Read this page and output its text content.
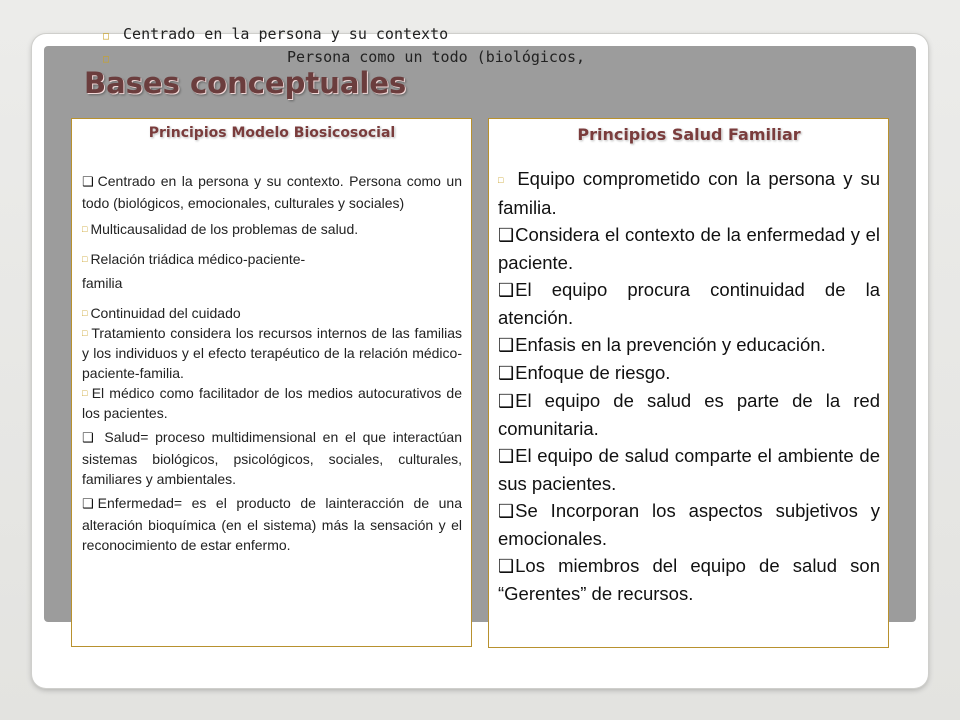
□ Centrado en la persona y su contexto
□	Persona como un todo (biológicos,
Bases conceptuales
Principios Modelo Biosicosocial

❑ Centrado en la persona y su contexto. Persona como un todo (biológicos, emocionales, culturales y sociales)

□ Multicausalidad de los problemas de salud.

□ Relación triádica médico-paciente-

familia

□ Continuidad del cuidado

□ Tratamiento considera los recursos internos de las familias y los individuos y el efecto terapéutico de la relación médico-paciente-familia.

□ El médico como facilitador de los medios autocurativos de los pacientes.

❑ Salud= proceso multidimensional en el que interactúan sistemas biológicos, psicológicos, sociales, culturales, familiares y ambientales.

❑ Enfermedad= es el producto de lainteracción de una alteración bioquímica (en el sistema) más la sensación y el reconocimiento de estar enfermo.

Principios Salud Familiar

□ Equipo comprometido con la persona y su familia.

❑Considera el contexto de la enfermedad y el paciente.

❑El equipo procura continuidad de la atención.

❑Enfasis en la prevención y educación.

❑Enfoque de riesgo.

❑El equipo de salud es parte de la red comunitaria.

❑El equipo de salud comparte el ambiente de sus pacientes.

❑Se Incorporan los aspectos subjetivos y emocionales.

❑Los miembros del equipo de salud son “Gerentes” de recursos.
